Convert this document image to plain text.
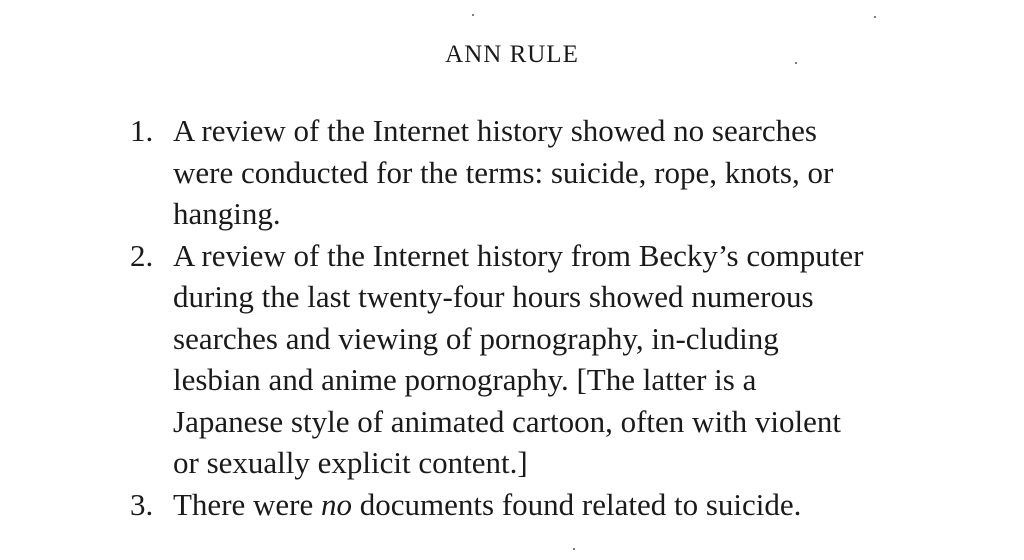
ANN RULE
1. A review of the Internet history showed no searches were conducted for the terms: suicide, rope, knots, or hanging.
2. A review of the Internet history from Becky’s computer during the last twenty-four hours showed numerous searches and viewing of pornography, in-cluding lesbian and anime pornography. [The latter is a Japanese style of animated cartoon, often with violent or sexually explicit content.]
3. There were no documents found related to suicide.
